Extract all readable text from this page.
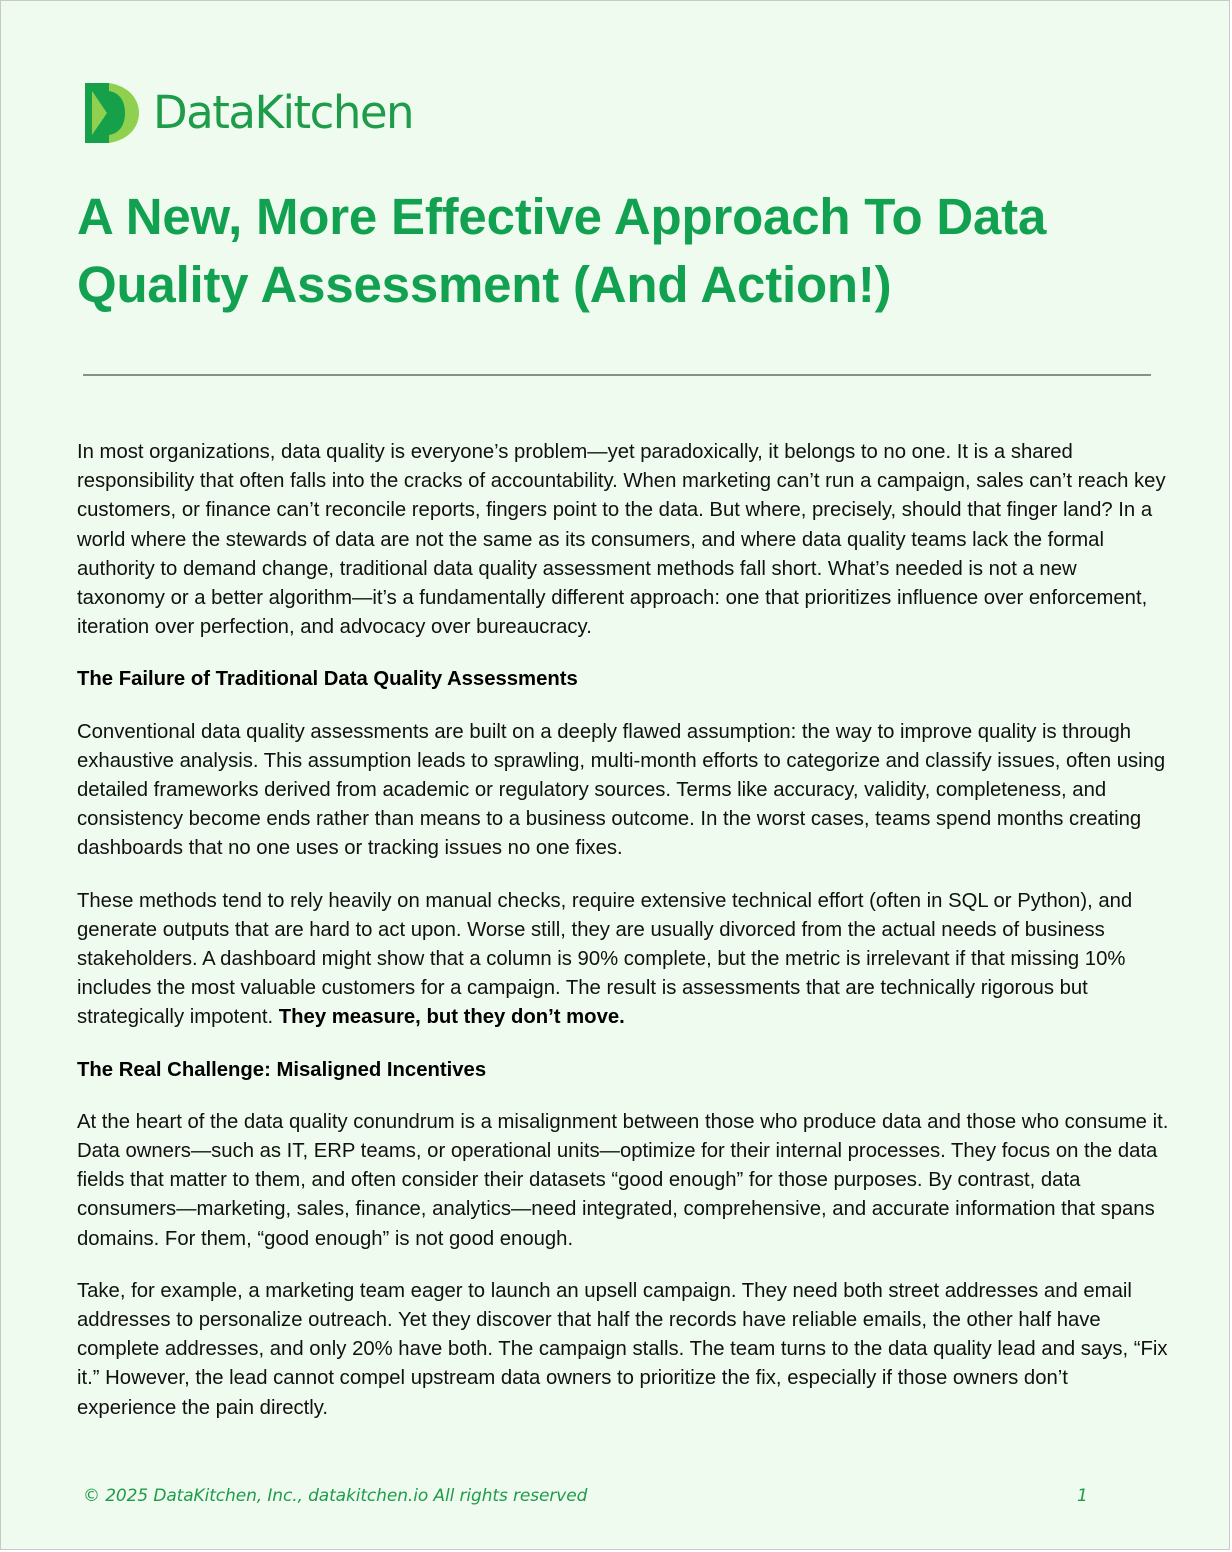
DataKitchen
A New, More Effective Approach To Data Quality Assessment (And Action!)

In most organizations, data quality is everyone’s problem—yet paradoxically, it belongs to no one. It is a shared responsibility that often falls into the cracks of accountability. When marketing can’t run a campaign, sales can’t reach key customers, or finance can’t reconcile reports, fingers point to the data. But where, precisely, should that finger land? In a world where the stewards of data are not the same as its consumers, and where data quality teams lack the formal authority to demand change, traditional data quality assessment methods fall short. What’s needed is not a new taxonomy or a better algorithm—it’s a fundamentally different approach: one that prioritizes influence over enforcement, iteration over perfection, and advocacy over bureaucracy.

The Failure of Traditional Data Quality Assessments

Conventional data quality assessments are built on a deeply flawed assumption: the way to improve quality is through exhaustive analysis. This assumption leads to sprawling, multi-month efforts to categorize and classify issues, often using detailed frameworks derived from academic or regulatory sources. Terms like accuracy, validity, completeness, and consistency become ends rather than means to a business outcome. In the worst cases, teams spend months creating dashboards that no one uses or tracking issues no one fixes.

These methods tend to rely heavily on manual checks, require extensive technical effort (often in SQL or Python), and generate outputs that are hard to act upon. Worse still, they are usually divorced from the actual needs of business stakeholders. A dashboard might show that a column is 90% complete, but the metric is irrelevant if that missing 10% includes the most valuable customers for a campaign. The result is assessments that are technically rigorous but strategically impotent. They measure, but they don’t move.

The Real Challenge: Misaligned Incentives

At the heart of the data quality conundrum is a misalignment between those who produce data and those who consume it. Data owners—such as IT, ERP teams, or operational units—optimize for their internal processes. They focus on the data fields that matter to them, and often consider their datasets “good enough” for those purposes. By contrast, data consumers—marketing, sales, finance, analytics—need integrated, comprehensive, and accurate information that spans domains. For them, “good enough” is not good enough.

Take, for example, a marketing team eager to launch an upsell campaign. They need both street addresses and email addresses to personalize outreach. Yet they discover that half the records have reliable emails, the other half have complete addresses, and only 20% have both. The campaign stalls. The team turns to the data quality lead and says, “Fix it.” However, the lead cannot compel upstream data owners to prioritize the fix, especially if those owners don’t experience the pain directly.

© 2025 DataKitchen, Inc., datakitchen.io All rights reserved	1
